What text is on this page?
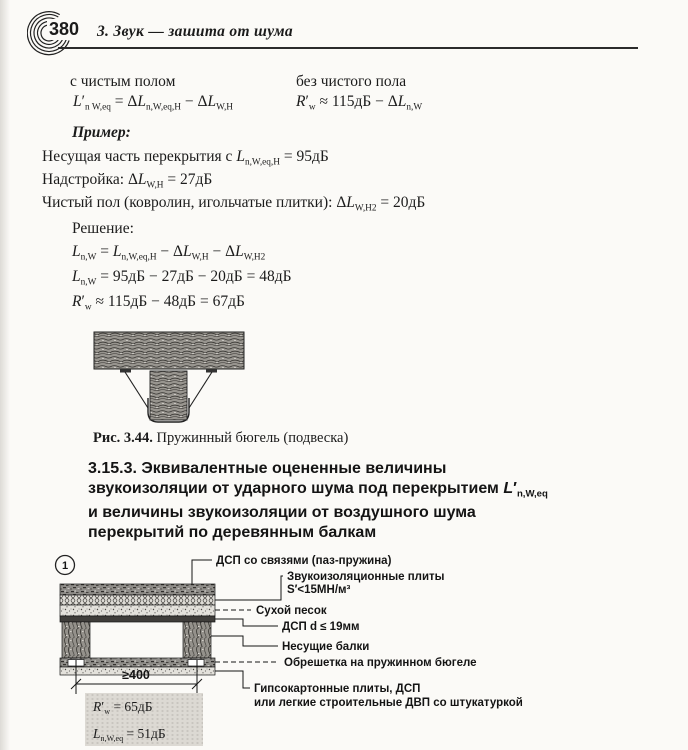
380 3. Звук — зашита от шума
с чистым полом	без чистого пола
$L'_{n W,eq} = \Delta L_{n,W,eq,H} - \Delta L_{W,H}$	$R'_w \approx 115дБ - \Delta L_{n,W}$
Пример:
Несущая часть перекрытия с $L_{n,W,eq,H} = 95дБ$
Надстройка: $\Delta L_{W,H} = 27дБ$
Чистый пол (ковролин, игольчатые плитки): $\Delta L_{W,H2} = 20дБ$
Решение:
$L_{n,W} = L_{n,W,eq,H} - \Delta L_{W,H} - \Delta L_{W,H2}$
$L_{n,W} = 95дБ - 27дБ - 20дБ = 48дБ$
$R'_w \approx 115дБ - 48дБ = 67дБ$
Рис. 3.44. Пружинный бюгель (подвеска)
3.15.3. Эквивалентные оцененные величины
звукоизоляции от ударного шума под перекрытием $L'_{n,W,eq}$
и величины звукоизоляции от воздушного шума
перекрытий по деревянным балкам
1
≥400
ДСП со связями (паз-пружина)
Звукоизоляционные плиты
S′<15МН/м³
Сухой песок
ДСП d ≤ 19мм
Несущие балки
Обрешетка на пружинном бюгеле
Гипсокартонные плиты, ДСП
или легкие строительные ДВП со штукатуркой
$R'_w = 65дБ$
$L_{n,W,eq} = 51дБ$
